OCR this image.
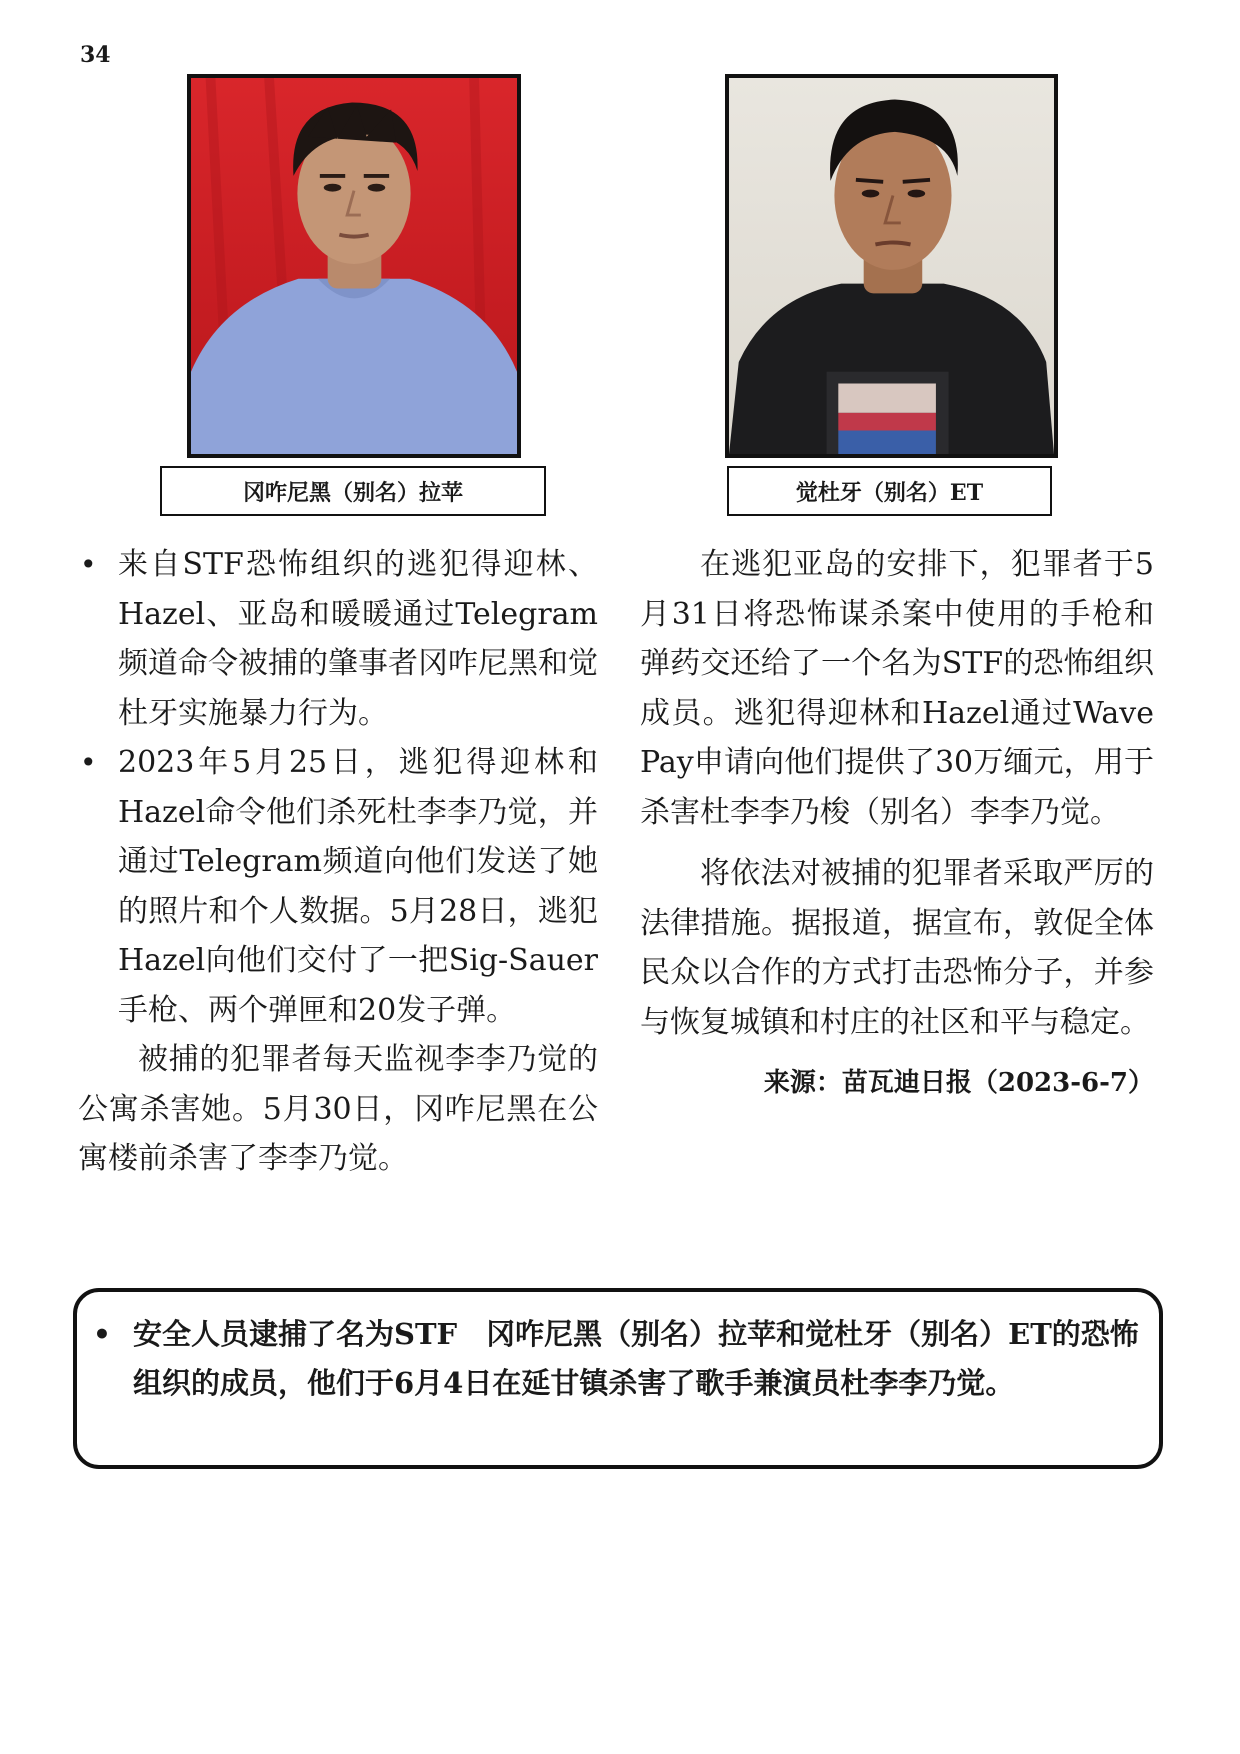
34
冈咋尼黑（别名）拉苹	觉杜牙（别名）ET
• 来自STF恐怖组织的逃犯得迎林、Hazel、亚岛和暖暖通过Telegram频道命令被捕的肇事者冈咋尼黑和觉杜牙实施暴力行为。
• 2023年5月25日，逃犯得迎林和Hazel命令他们杀死杜李李乃觉，并通过Telegram频道向他们发送了她的照片和个人数据。5月28日，逃犯Hazel向他们交付了一把Sig-Sauer手枪、两个弹匣和20发子弹。

被捕的犯罪者每天监视李李乃觉的公寓杀害她。5月30日，冈咋尼黑在公寓楼前杀害了李李乃觉。

在逃犯亚岛的安排下，犯罪者于5月31日将恐怖谋杀案中使用的手枪和弹药交还给了一个名为STF的恐怖组织成员。逃犯得迎林和Hazel通过Wave Pay申请向他们提供了30万缅元，用于杀害杜李李乃梭（别名）李李乃觉。

将依法对被捕的犯罪者采取严厉的法律措施。据报道，据宣布，敦促全体民众以合作的方式打击恐怖分子，并参与恢复城镇和村庄的社区和平与稳定。

来源：苗瓦迪日报（2023-6-7）
• 安全人员逮捕了名为STF　冈咋尼黑（别名）拉苹和觉杜牙（别名）ET的恐怖组织的成员，他们于6月4日在延甘镇杀害了歌手兼演员杜李李乃觉。
